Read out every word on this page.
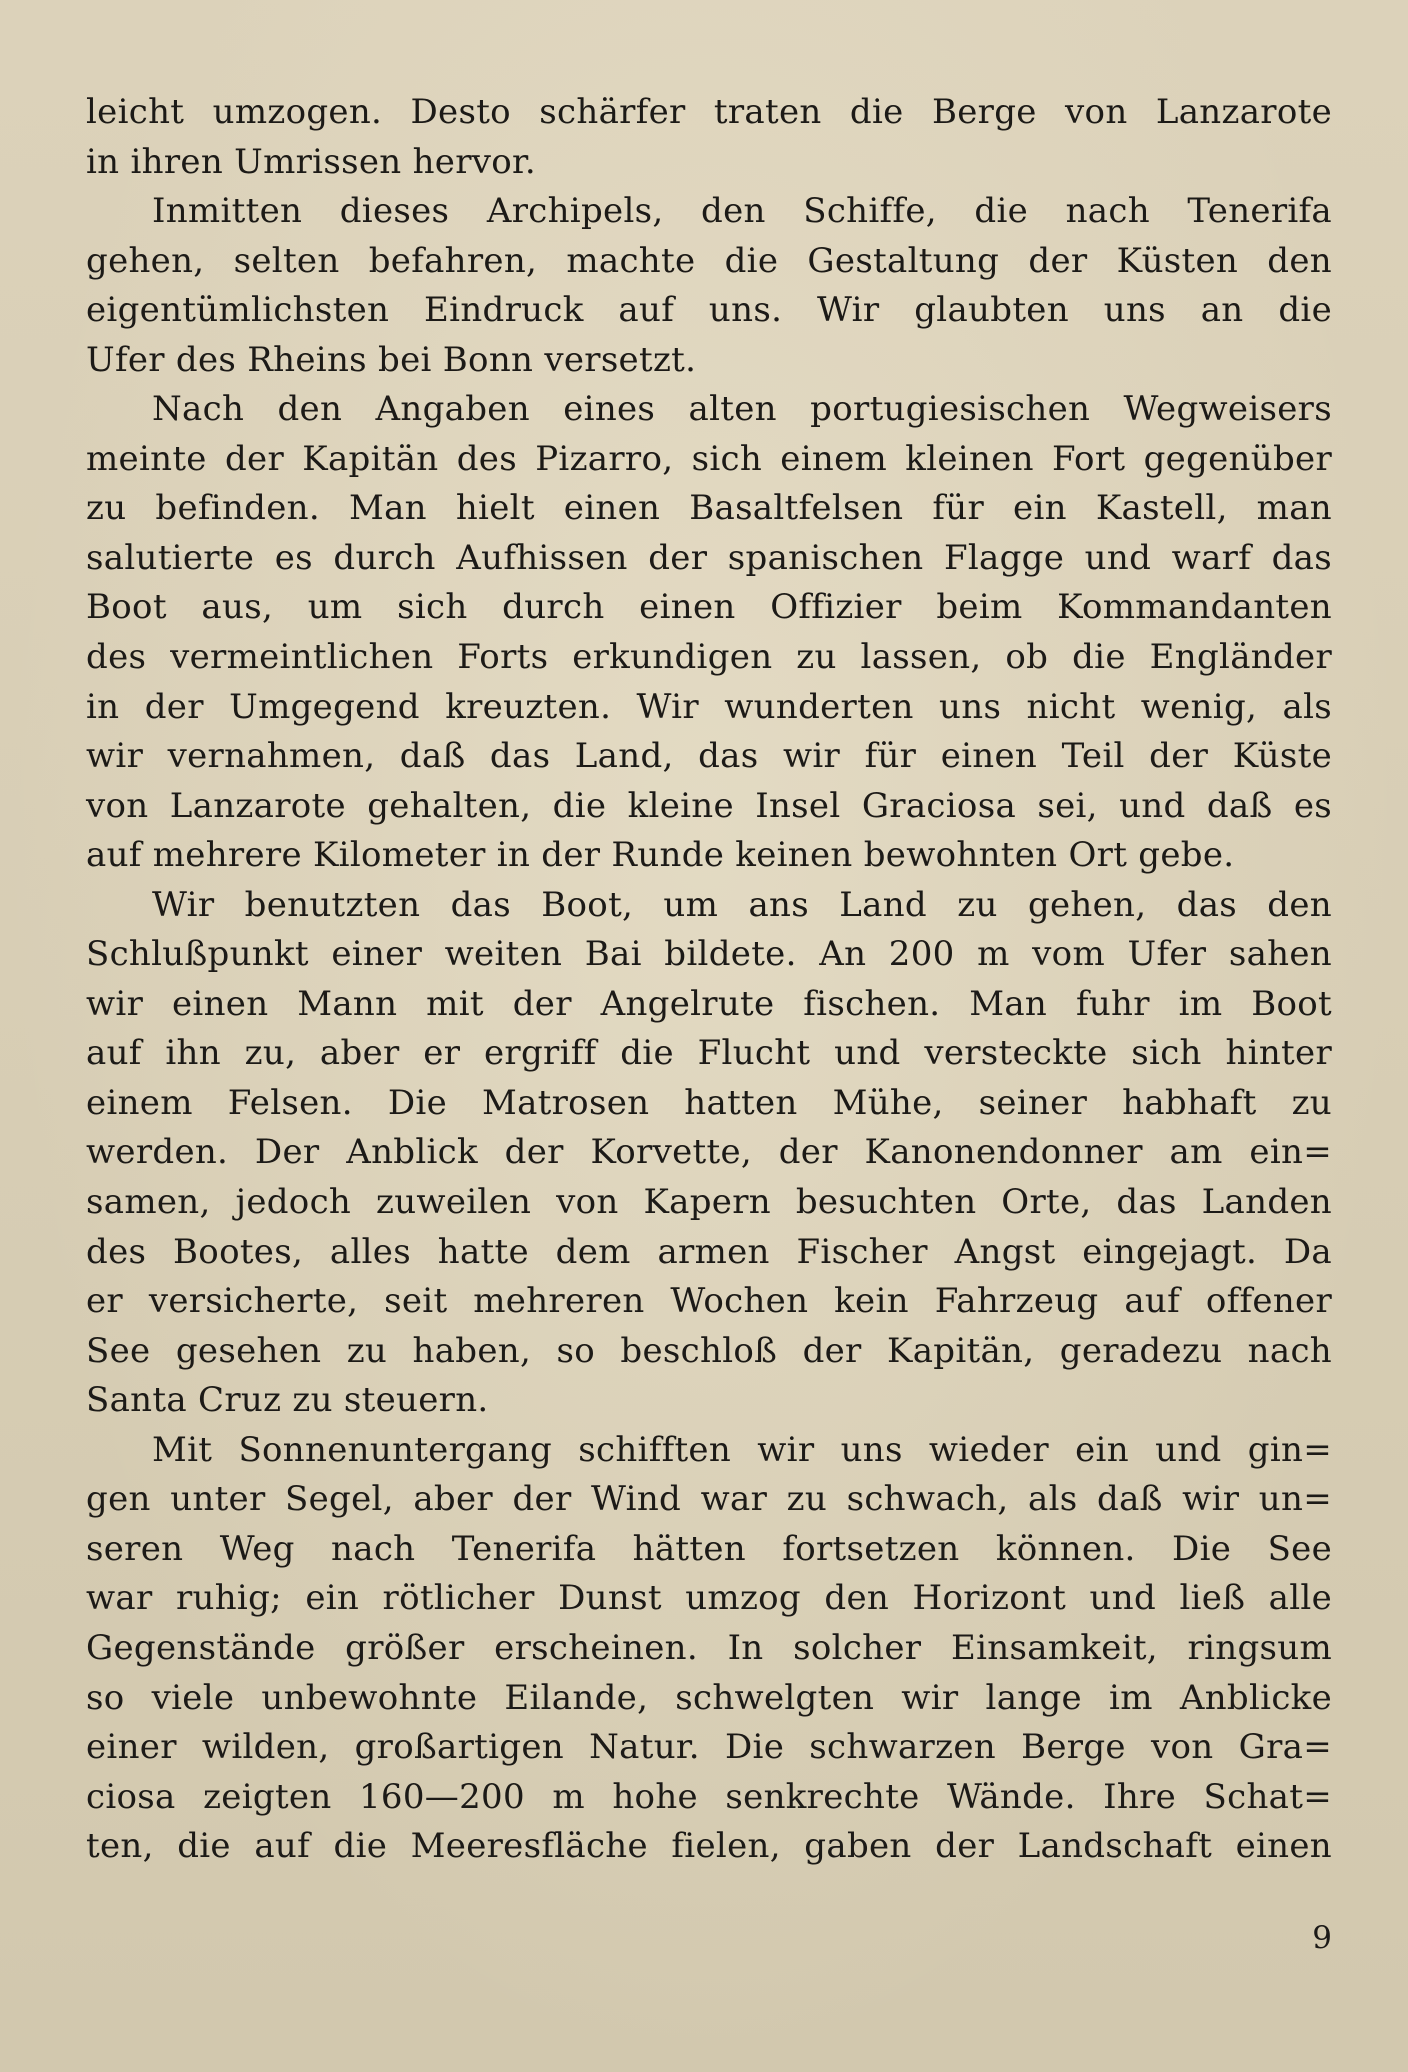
leicht umzogen. Desto schärfer traten die Berge von Lanzarote
in ihren Umrissen hervor.
Inmitten dieses Archipels, den Schiffe, die nach Tenerifa
gehen, selten befahren, machte die Gestaltung der Küsten den
eigentümlichsten Eindruck auf uns. Wir glaubten uns an die
Ufer des Rheins bei Bonn versetzt.
Nach den Angaben eines alten portugiesischen Wegweisers
meinte der Kapitän des Pizarro, sich einem kleinen Fort gegenüber
zu befinden. Man hielt einen Basaltfelsen für ein Kastell, man
salutierte es durch Aufhissen der spanischen Flagge und warf das
Boot aus, um sich durch einen Offizier beim Kommandanten
des vermeintlichen Forts erkundigen zu lassen, ob die Engländer
in der Umgegend kreuzten. Wir wunderten uns nicht wenig, als
wir vernahmen, daß das Land, das wir für einen Teil der Küste
von Lanzarote gehalten, die kleine Insel Graciosa sei, und daß es
auf mehrere Kilometer in der Runde keinen bewohnten Ort gebe.
Wir benutzten das Boot, um ans Land zu gehen, das den
Schlußpunkt einer weiten Bai bildete. An 200 m vom Ufer sahen
wir einen Mann mit der Angelrute fischen. Man fuhr im Boot
auf ihn zu, aber er ergriff die Flucht und versteckte sich hinter
einem Felsen. Die Matrosen hatten Mühe, seiner habhaft zu
werden. Der Anblick der Korvette, der Kanonendonner am ein=
samen, jedoch zuweilen von Kapern besuchten Orte, das Landen
des Bootes, alles hatte dem armen Fischer Angst eingejagt. Da
er versicherte, seit mehreren Wochen kein Fahrzeug auf offener
See gesehen zu haben, so beschloß der Kapitän, geradezu nach
Santa Cruz zu steuern.
Mit Sonnenuntergang schifften wir uns wieder ein und gin=
gen unter Segel, aber der Wind war zu schwach, als daß wir un=
seren Weg nach Tenerifa hätten fortsetzen können. Die See
war ruhig; ein rötlicher Dunst umzog den Horizont und ließ alle
Gegenstände größer erscheinen. In solcher Einsamkeit, ringsum
so viele unbewohnte Eilande, schwelgten wir lange im Anblicke
einer wilden, großartigen Natur. Die schwarzen Berge von Gra=
ciosa zeigten 160—200 m hohe senkrechte Wände. Ihre Schat=
ten, die auf die Meeresfläche fielen, gaben der Landschaft einen
9
